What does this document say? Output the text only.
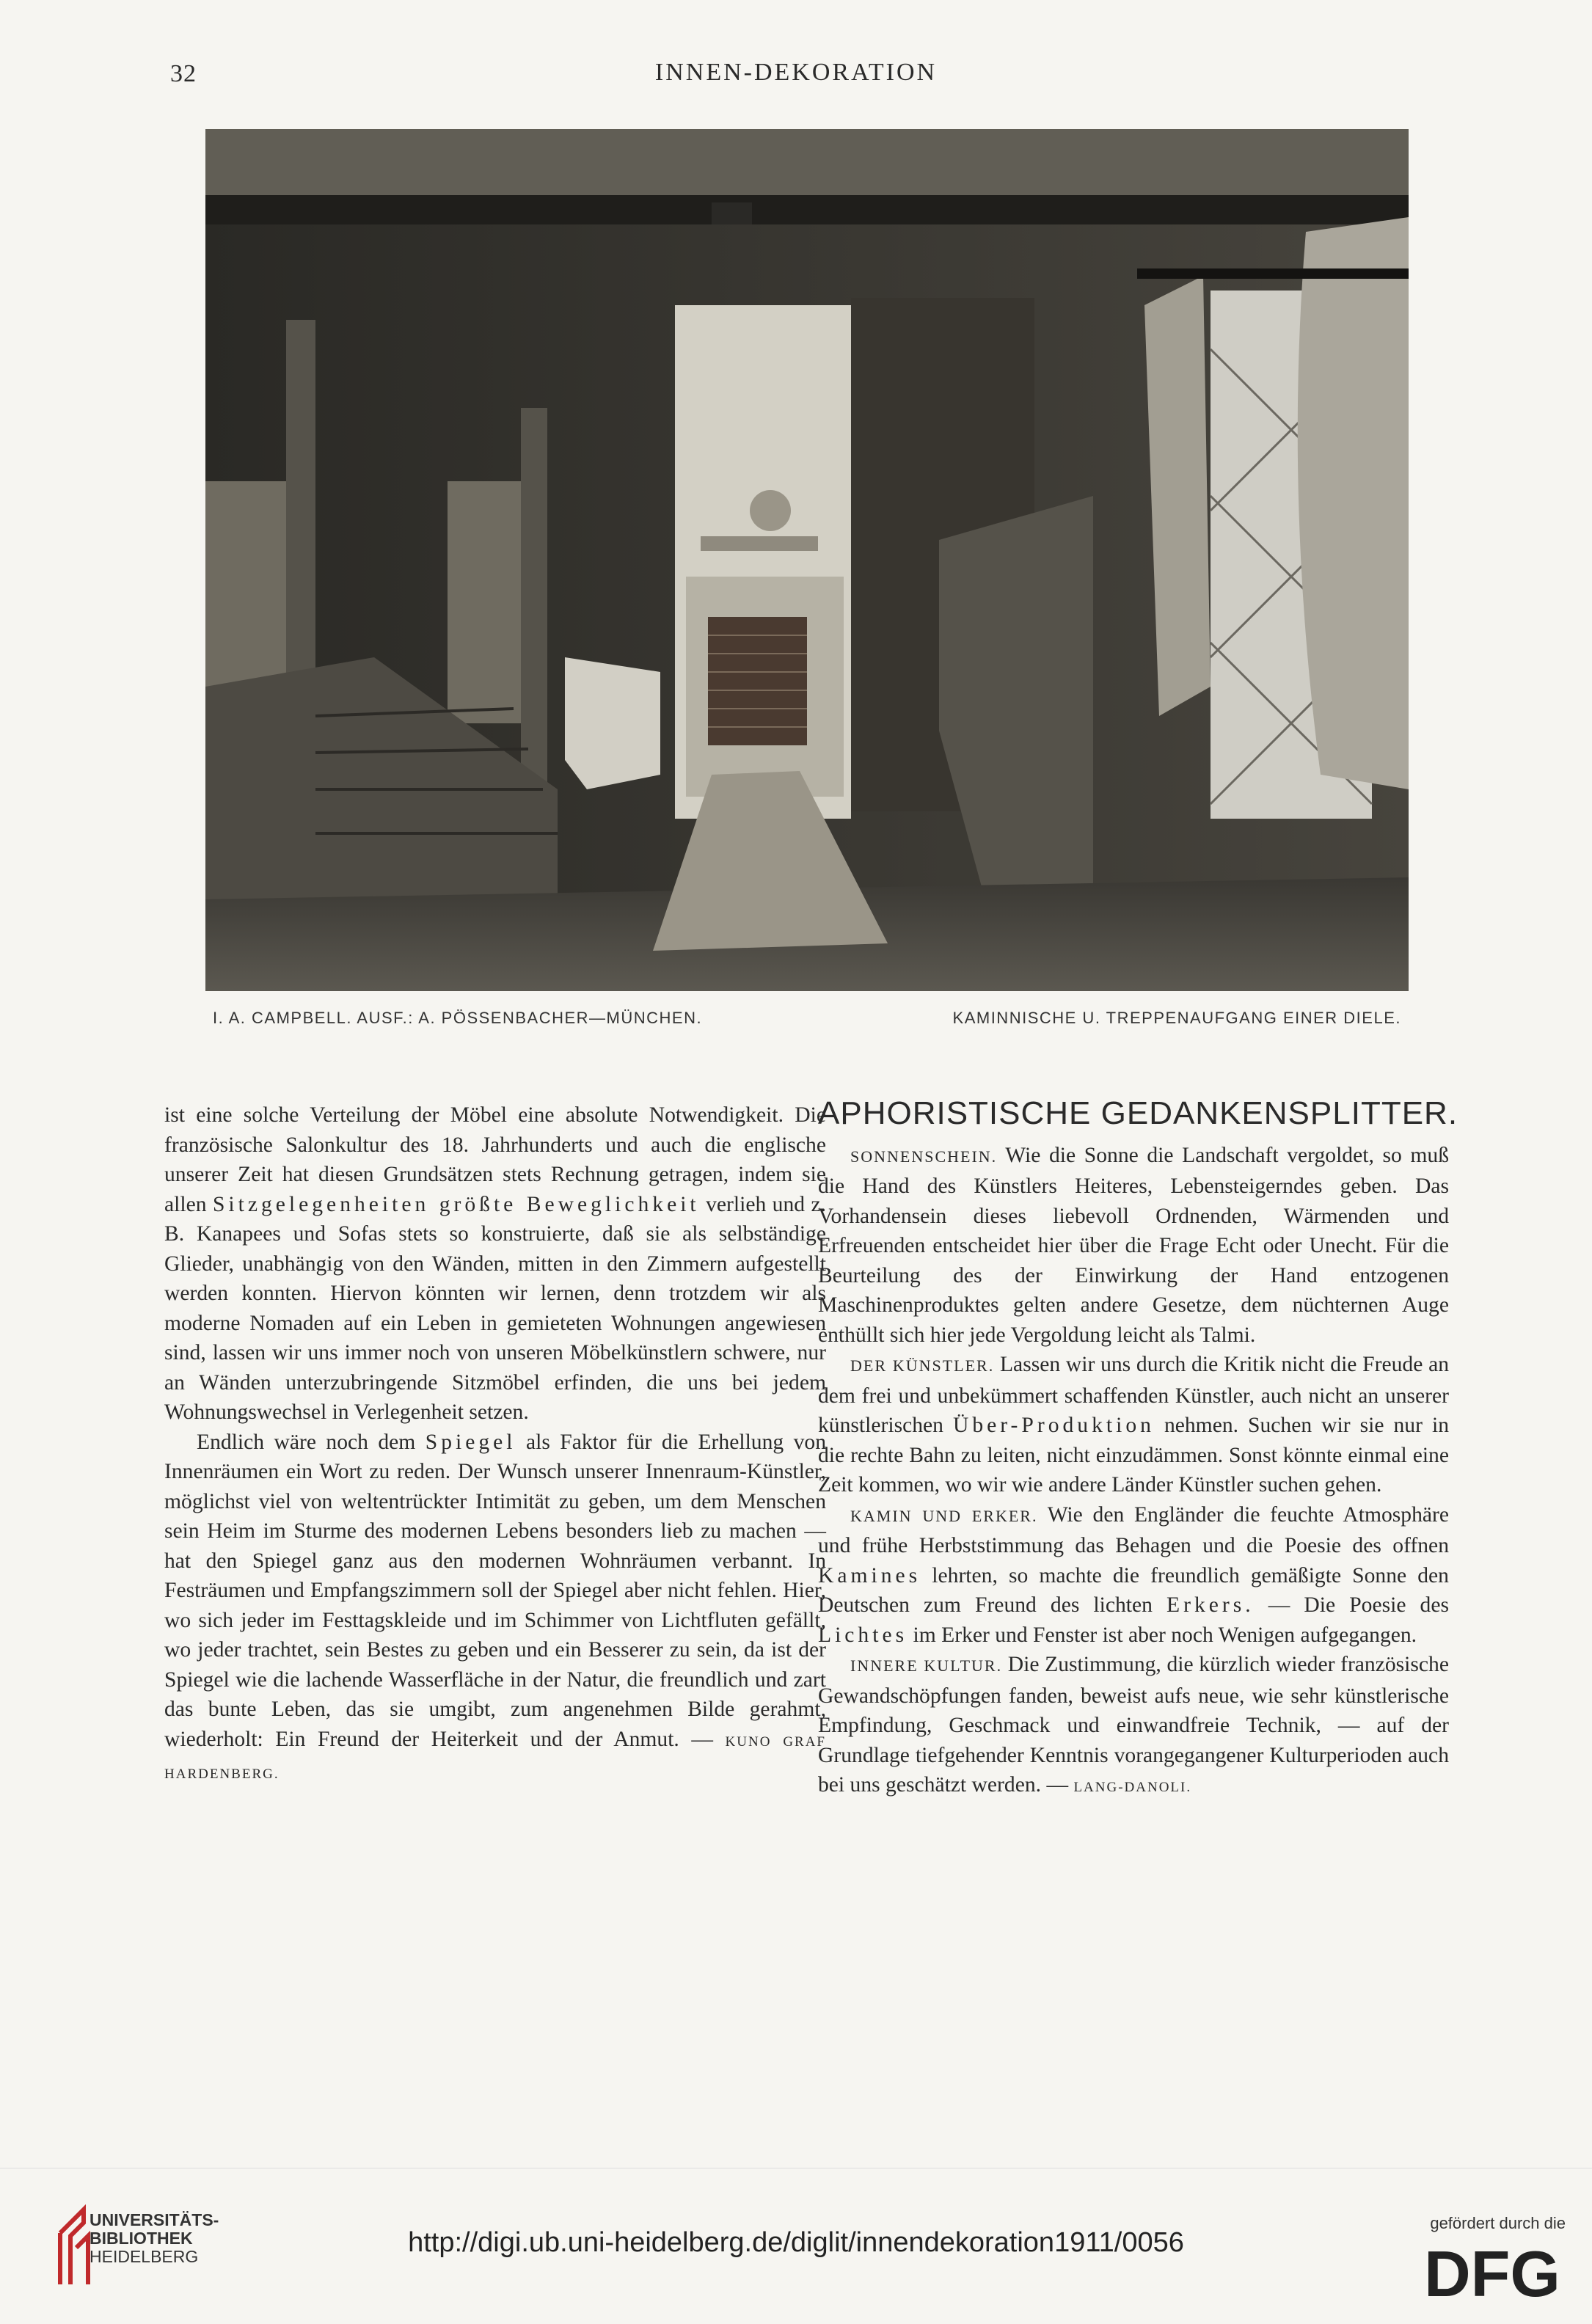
32	INNEN-DEKORATION
I. A. CAMPBELL. AUSF.: A. PÖSSENBACHER—MÜNCHEN.	KAMINNISCHE U. TREPPENAUFGANG EINER DIELE.

ist eine solche Verteilung der Möbel eine absolute Notwendigkeit. Die französische Salonkultur des 18. Jahrhunderts und auch die englische unserer Zeit hat diesen Grundsätzen stets Rechnung getragen, indem sie allen Sitzgelegenheiten größte Beweglichkeit verlieh und z. B. Kanapees und Sofas stets so konstruierte, daß sie als selbständige Glieder, unabhängig von den Wänden, mitten in den Zimmern aufgestellt werden konnten. Hiervon könnten wir lernen, denn trotzdem wir als moderne Nomaden auf ein Leben in gemieteten Wohnungen angewiesen sind, lassen wir uns immer noch von unseren Möbelkünstlern schwere, nur an Wänden unterzubringende Sitzmöbel erfinden, die uns bei jedem Wohnungswechsel in Verlegenheit setzen.

Endlich wäre noch dem Spiegel als Faktor für die Erhellung von Innenräumen ein Wort zu reden. Der Wunsch unserer Innenraum-Künstler, möglichst viel von weltentrückter Intimität zu geben, um dem Menschen sein Heim im Sturme des modernen Lebens besonders lieb zu machen — hat den Spiegel ganz aus den modernen Wohnräumen verbannt. In Festräumen und Empfangszimmern soll der Spiegel aber nicht fehlen. Hier, wo sich jeder im Festtagskleide und im Schimmer von Lichtfluten gefällt, wo jeder trachtet, sein Bestes zu geben und ein Besserer zu sein, da ist der Spiegel wie die lachende Wasserfläche in der Natur, die freundlich und zart das bunte Leben, das sie umgibt, zum angenehmen Bilde gerahmt, wiederholt: Ein Freund der Heiterkeit und der Anmut. — KUNO GRAF HARDENBERG.

APHORISTISCHE GEDANKENSPLITTER.

SONNENSCHEIN. Wie die Sonne die Landschaft vergoldet, so muß die Hand des Künstlers Heiteres, Lebensteigerndes geben. Das Vorhandensein dieses liebevoll Ordnenden, Wärmenden und Erfreuenden entscheidet hier über die Frage Echt oder Unecht. Für die Beurteilung des der Einwirkung der Hand entzogenen Maschinenproduktes gelten andere Gesetze, dem nüchternen Auge enthüllt sich hier jede Vergoldung leicht als Talmi.

DER KÜNSTLER. Lassen wir uns durch die Kritik nicht die Freude an dem frei und unbekümmert schaffenden Künstler, auch nicht an unserer künstlerischen Über-Produktion nehmen. Suchen wir sie nur in die rechte Bahn zu leiten, nicht einzudämmen. Sonst könnte einmal eine Zeit kommen, wo wir wie andere Länder Künstler suchen gehen.

KAMIN UND ERKER. Wie den Engländer die feuchte Atmosphäre und frühe Herbststimmung das Behagen und die Poesie des offnen Kamines lehrten, so machte die freundlich gemäßigte Sonne den Deutschen zum Freund des lichten Erkers. — Die Poesie des Lichtes im Erker und Fenster ist aber noch Wenigen aufgegangen.

INNERE KULTUR. Die Zustimmung, die kürzlich wieder französische Gewandschöpfungen fanden, beweist aufs neue, wie sehr künstlerische Empfindung, Geschmack und einwandfreie Technik, — auf der Grundlage tiefgehender Kenntnis vorangegangener Kulturperioden auch bei uns geschätzt werden. — LANG-DANOLI.

UNIVERSITÄTS-
BIBLIOTHEK
HEIDELBERG	http://digi.ub.uni-heidelberg.de/diglit/innendekoration1911/0056
gefördert durch die
DFG
